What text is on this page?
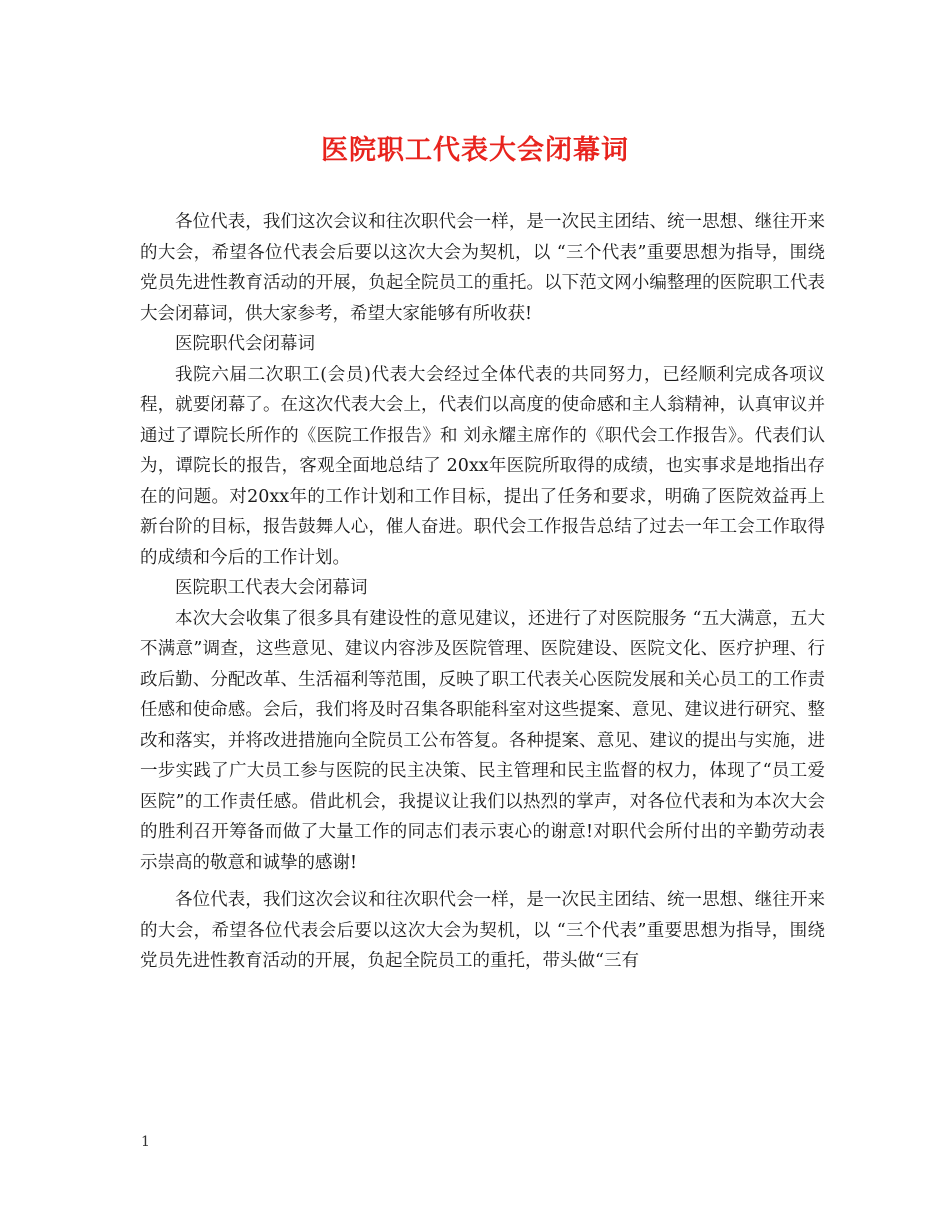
医院职工代表大会闭幕词

各位代表，我们这次会议和往次职代会一样，是一次民主团结、统一思想、继往开来的大会，希望各位代表会后要以这次大会为契机，以 “三个代表”重要思想为指导，围绕党员先进性教育活动的开展，负起全院员工的重托。以下范文网小编整理的医院职工代表大会闭幕词，供大家参考，希望大家能够有所收获!

医院职代会闭幕词

我院六届二次职工(会员)代表大会经过全体代表的共同努力，已经顺利完成各项议程，就要闭幕了。在这次代表大会上，代表们以高度的使命感和主人翁精神，认真审议并通过了谭院长所作的《医院工作报告》和 刘永耀主席作的《职代会工作报告》。代表们认为，谭院长的报告，客观全面地总结了 20xx年医院所取得的成绩，也实事求是地指出存在的问题。对20xx年的工作计划和工作目标，提出了任务和要求，明确了医院效益再上新台阶的目标，报告鼓舞人心，催人奋进。职代会工作报告总结了过去一年工会工作取得的成绩和今后的工作计划。

医院职工代表大会闭幕词

本次大会收集了很多具有建设性的意见建议，还进行了对医院服务 “五大满意，五大不满意”调查，这些意见、建议内容涉及医院管理、医院建设、医院文化、医疗护理、行政后勤、分配改革、生活福利等范围，反映了职工代表关心医院发展和关心员工的工作责任感和使命感。会后，我们将及时召集各职能科室对这些提案、意见、建议进行研究、整改和落实，并将改进措施向全院员工公布答复。各种提案、意见、建议的提出与实施，进一步实践了广大员工参与医院的民主决策、民主管理和民主监督的权力，体现了“员工爱医院”的工作责任感。借此机会，我提议让我们以热烈的掌声，对各位代表和为本次大会的胜利召开筹备而做了大量工作的同志们表示衷心的谢意!对职代会所付出的辛勤劳动表示崇高的敬意和诚挚的感谢!

各位代表，我们这次会议和往次职代会一样，是一次民主团结、统一思想、继往开来的大会，希望各位代表会后要以这次大会为契机，以 “三个代表”重要思想为指导，围绕党员先进性教育活动的开展，负起全院员工的重托，带头做“三有

1
